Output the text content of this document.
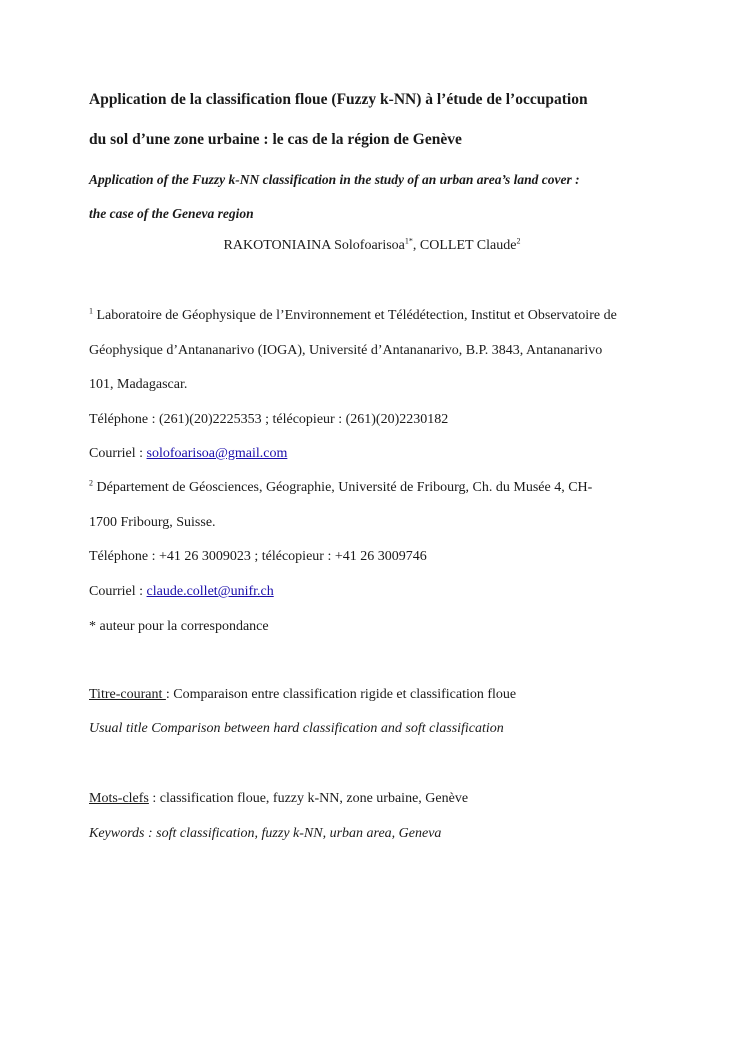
Application de la classification floue (Fuzzy k-NN) à l’étude de l’occupation
du sol d’une zone urbaine : le cas de la région de Genève
Application of the Fuzzy k-NN classification in the study of an urban area’s land cover :
the case of the Geneva region
RAKOTONIAINA Solofoarisoa$^{1*}$, COLLET Claude$^2$
$^1$ Laboratoire de Géophysique de l’Environnement et Télédétection, Institut et Observatoire de
Géophysique d’Antananarivo (IOGA), Université d’Antananarivo, B.P. 3843, Antananarivo
101, Madagascar.
Téléphone : (261)(20)2225353 ; télécopieur : (261)(20)2230182
Courriel : solofoarisoa@gmail.com
$^2$ Département de Géosciences, Géographie, Université de Fribourg, Ch. du Musée 4, CH-
1700 Fribourg, Suisse.
Téléphone : +41 26 3009023 ; télécopieur : +41 26 3009746
Courriel : claude.collet@unifr.ch
* auteur pour la correspondance
Titre-courant : Comparaison entre classification rigide et classification floue
Usual title Comparison between hard classification and soft classification
Mots-clefs : classification floue, fuzzy k-NN, zone urbaine, Genève
Keywords : soft classification, fuzzy k-NN, urban area, Geneva
